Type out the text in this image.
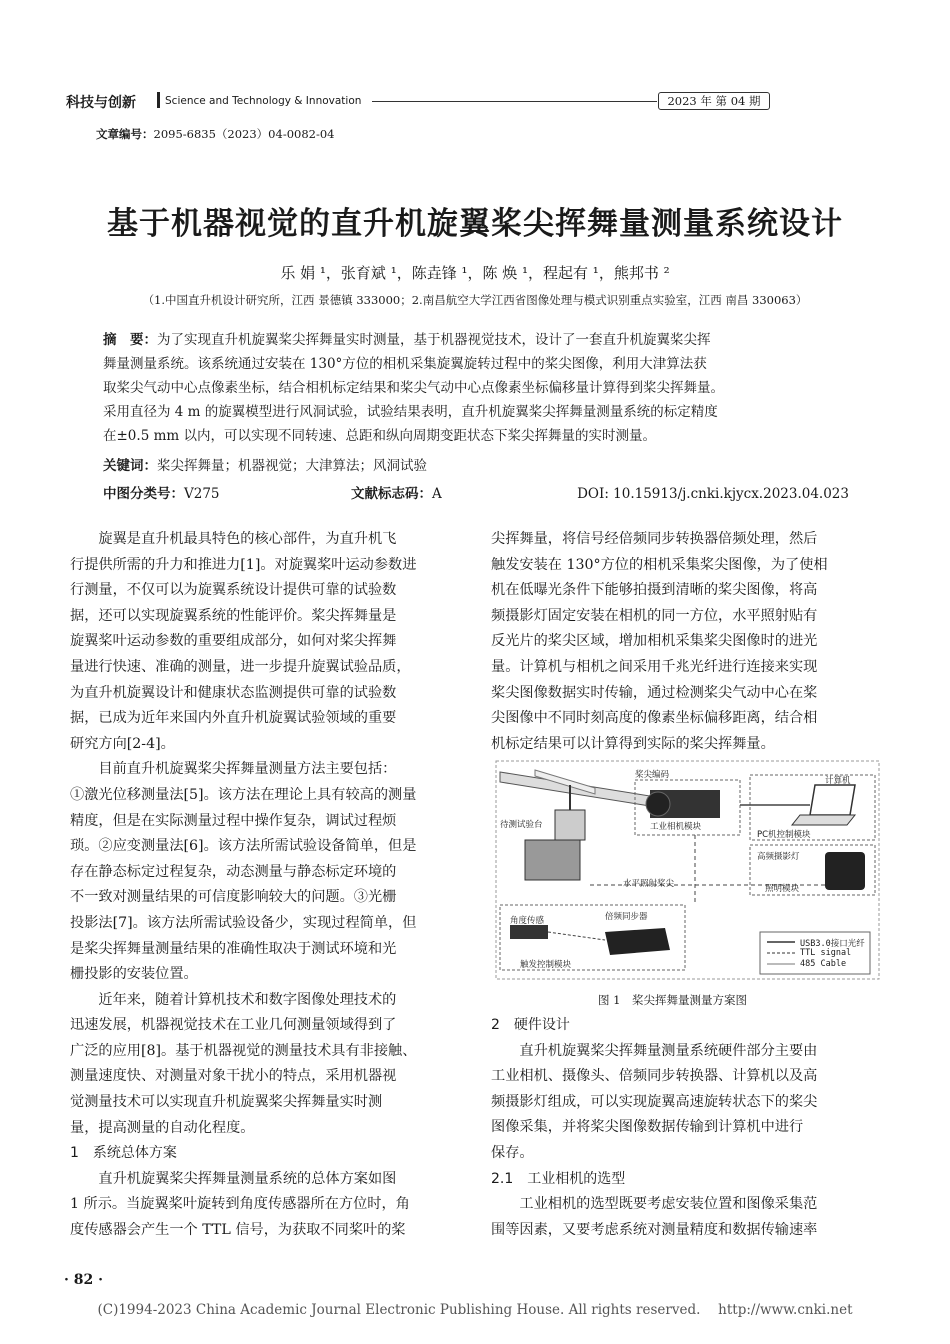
科技与创新	Science and Technology & Innovation	2023 年 第 04 期
文章编号：2095-6835（2023）04-0082-04
基于机器视觉的直升机旋翼桨尖挥舞量测量系统设计
乐 娟 ¹，张育斌 ¹，陈垚锋 ¹，陈 焕 ¹，程起有 ¹，熊邦书 ²
（1.中国直升机设计研究所，江西 景德镇 333000；2.南昌航空大学江西省图像处理与模式识别重点实验室，江西 南昌 330063）
摘　要：为了实现直升机旋翼桨尖挥舞量实时测量，基于机器视觉技术，设计了一套直升机旋翼桨尖挥
舞量测量系统。该系统通过安装在 130°方位的相机采集旋翼旋转过程中的桨尖图像，利用大津算法获
取桨尖气动中心点像素坐标，结合相机标定结果和桨尖气动中心点像素坐标偏移量计算得到桨尖挥舞量。
采用直径为 4 m 的旋翼模型进行风洞试验，试验结果表明，直升机旋翼桨尖挥舞量测量系统的标定精度
在±0.5 mm 以内，可以实现不同转速、总距和纵向周期变距状态下桨尖挥舞量的实时测量。
关键词：桨尖挥舞量；机器视觉；大津算法；风洞试验
中图分类号：V275	文献标志码：A	DOI: 10.15913/j.cnki.kjycx.2023.04.023
　　旋翼是直升机最具特色的核心部件，为直升机飞
行提供所需的升力和推进力[1]。对旋翼桨叶运动参数进
行测量，不仅可以为旋翼系统设计提供可靠的试验数
据，还可以实现旋翼系统的性能评价。桨尖挥舞量是
旋翼桨叶运动参数的重要组成部分，如何对桨尖挥舞
量进行快速、准确的测量，进一步提升旋翼试验品质，
为直升机旋翼设计和健康状态监测提供可靠的试验数
据，已成为近年来国内外直升机旋翼试验领域的重要
研究方向[2-4]。
　　目前直升机旋翼桨尖挥舞量测量方法主要包括：
①激光位移测量法[5]。该方法在理论上具有较高的测量
精度，但是在实际测量过程中操作复杂，调试过程烦
琐。②应变测量法[6]。该方法所需试验设备简单，但是
存在静态标定过程复杂，动态测量与静态标定环境的
不一致对测量结果的可信度影响较大的问题。③光栅
投影法[7]。该方法所需试验设备少，实现过程简单，但
是桨尖挥舞量测量结果的准确性取决于测试环境和光
栅投影的安装位置。
　　近年来，随着计算机技术和数字图像处理技术的
迅速发展，机器视觉技术在工业几何测量领域得到了
广泛的应用[8]。基于机器视觉的测量技术具有非接触、
测量速度快、对测量对象干扰小的特点，采用机器视
觉测量技术可以实现直升机旋翼桨尖挥舞量实时测
量，提高测量的自动化程度。
1　系统总体方案
　　直升机旋翼桨尖挥舞量测量系统的总体方案如图
1 所示。当旋翼桨叶旋转到角度传感器所在方位时，角
度传感器会产生一个 TTL 信号，为获取不同桨叶的桨
尖挥舞量，将信号经倍频同步转换器倍频处理，然后
触发安装在 130°方位的相机采集桨尖图像，为了使相
机在低曝光条件下能够拍摄到清晰的桨尖图像，将高
频摄影灯固定安装在相机的同一方位，水平照射贴有
反光片的桨尖区域，增加相机采集桨尖图像时的进光
量。计算机与相机之间采用千兆光纤进行连接来实现
桨尖图像数据实时传输，通过检测桨尖气动中心在桨
尖图像中不同时刻高度的像素坐标偏移距离，结合相
机标定结果可以计算得到实际的桨尖挥舞量。
桨尖编码
工业相机模块
计算机
PC机控制模块
待测试验台
高频摄影灯
照明模块
水平照射桨尖
角度传感	倍频同步器
触发控制模块
USB3.0接口光纤
TTL signal
485 Cable
图 1　桨尖挥舞量测量方案图
2　硬件设计
　　直升机旋翼桨尖挥舞量测量系统硬件部分主要由
工业相机、摄像头、倍频同步转换器、计算机以及高
频摄影灯组成，可以实现旋翼高速旋转状态下的桨尖
图像采集，并将桨尖图像数据传输到计算机中进行
保存。
2.1　工业相机的选型
　　工业相机的选型既要考虑安装位置和图像采集范
围等因素，又要考虑系统对测量精度和数据传输速率
· 82 ·
(C)1994-2023 China Academic Journal Electronic Publishing House. All rights reserved.　 http://www.cnki.net
